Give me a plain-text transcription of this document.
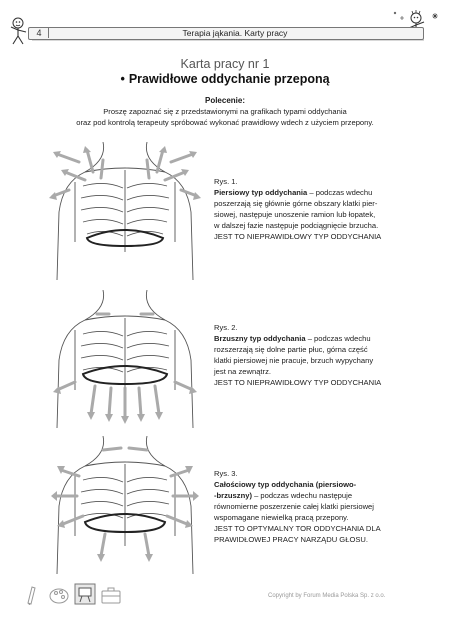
4	Terapia jąkania. Karty pracy
Karta pracy nr 1
• Prawidłowe oddychanie przeponą
Polecenie:
Proszę zapoznać się z przedstawionymi na grafikach typami oddychania
oraz pod kontrolą terapeuty spróbować wykonać prawidłowy wdech z użyciem przepony.

Rys. 1.

Piersiowy typ oddychania – podczas wdechu

poszerzają się głównie górne obszary klatki pier-

siowej, następuje unoszenie ramion lub łopatek,

w dalszej fazie następuje podciągnięcie brzucha.

JEST TO NIEPRAWIDŁOWY TYP ODDYCHANIA

Rys. 2.

Brzuszny typ oddychania – podczas wdechu

rozszerzają się dolne partie płuc, górna część

klatki piersiowej nie pracuje, brzuch wypychany

jest na zewnątrz.

JEST TO NIEPRAWIDŁOWY TYP ODDYCHANIA

Rys. 3.

Całościowy typ oddychania (piersiowo-

-brzuszny) – podczas wdechu następuje

równomierne poszerzenie całej klatki piersiowej

wspomagane niewielką pracą przepony.

JEST TO OPTYMALNY TOR ODDYCHANIA DLA

PRAWIDŁOWEJ PRACY NARZĄDU GŁOSU.

Copyright by Forum Media Polska Sp. z o.o.
